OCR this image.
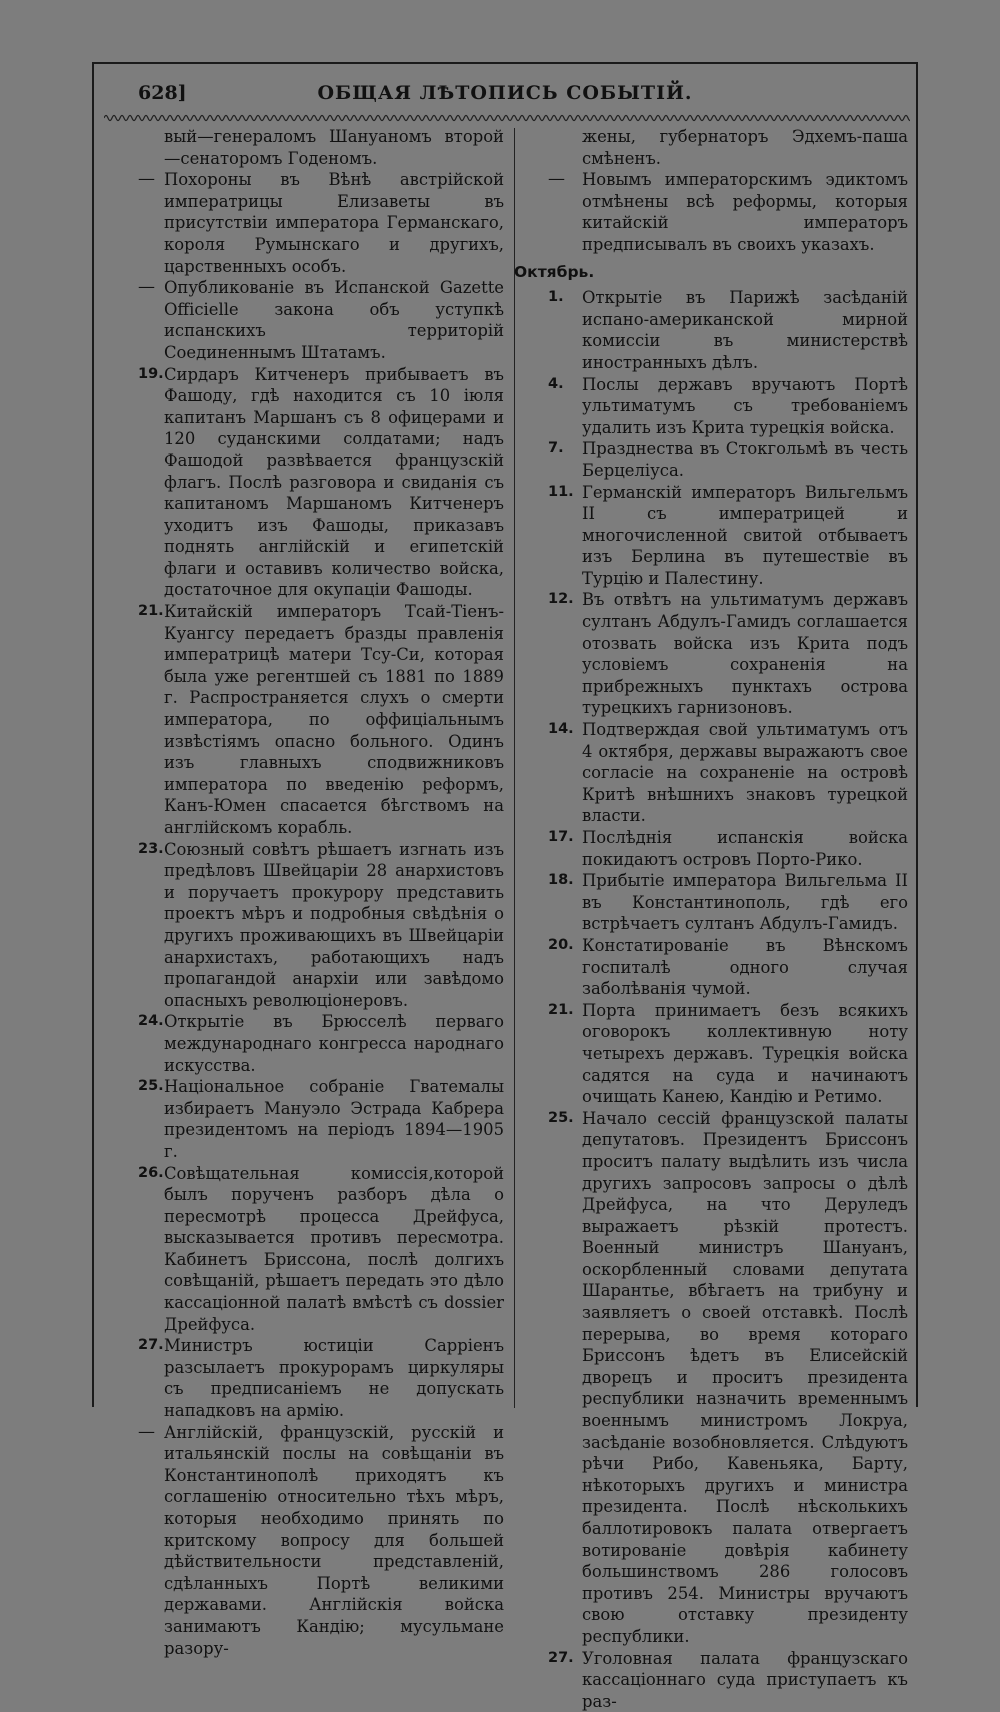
628]	ОБЩАЯ ЛѢТОПИСЬ СОБЫТІЙ.
вый—генераломъ Шануаномъ второй—сенаторомъ Годеномъ.
— Похороны въ Вѣнѣ австрійской императрицы Елизаветы въ присутствіи императора Германскаго, короля Румынскаго и другихъ, царственныхъ особъ.
— Опубликованіе въ Испанской Gazette Officielle закона объ уступкѣ испанскихъ территорій Соединеннымъ Штатамъ.
19. Сирдаръ Китченеръ прибываетъ въ Фашоду, гдѣ находится съ 10 іюля капитанъ Маршанъ съ 8 офицерами и 120 суданскими солдатами; надъ Фашодой развѣвается французскій флагъ. Послѣ разговора и свиданія съ капитаномъ Маршаномъ Китченеръ уходитъ изъ Фашоды, приказавъ поднять англійскій и египетскій флаги и оставивъ количество войска, достаточное для окупаціи Фашоды.
21. Китайскій императоръ Тсай-Тіенъ-Куангсу передаетъ бразды правленія императрицѣ матери Тсу-Си, которая была уже регентшей съ 1881 по 1889 г. Распространяется слухъ о смерти императора, по оффиціальнымъ извѣстіямъ опасно больного. Одинъ изъ главныхъ сподвижниковъ императора по введенію реформъ, Канъ-Юмен спасается бѣгствомъ на англійскомъ корабль.
23. Союзный совѣтъ рѣшаетъ изгнать изъ предѣловъ Швейцаріи 28 анархистовъ и поручаетъ прокурору представить проектъ мѣръ и подробныя свѣдѣнія о другихъ проживающихъ въ Швейцаріи анархистахъ, работающихъ надъ пропагандой анархіи или завѣдомо опасныхъ революціонеровъ.
24. Открытіе въ Брюсселѣ перваго международнаго конгресса народнаго искусства.
25. Національное собраніе Гватемалы избираетъ Мануэло Эстрада Кабрера президентомъ на періодъ 1894—1905 г.
26. Совѣщательная комиссія,которой былъ порученъ разборъ дѣла о пересмотрѣ процесса Дрейфуса, высказывается противъ пересмотра. Кабинетъ Бриссона, послѣ долгихъ совѣщаній, рѣшаетъ передать это дѣло кассаціонной палатѣ вмѣстѣ съ dossier Дрейфуса.
27. Министръ юстиціи Сарріенъ разсылаетъ прокурорамъ циркуляры съ предписаніемъ не допускать нападковъ на армію.
— Англійскій, французскій, русскій и итальянскій послы на совѣщаніи въ Константинополѣ приходятъ къ соглашенію относительно тѣхъ мѣръ, которыя необходимо принять по критскому вопросу для большей дѣйствительности представленій, сдѣланныхъ Портѣ великими державами. Англійскія войска занимаютъ Кандію; мусульмане разору-
жены, губернаторъ Эдхемъ-паша смѣненъ.
— Новымъ императорскимъ эдиктомъ отмѣнены всѣ реформы, которыя китайскій императоръ предписывалъ въ своихъ указахъ.
Октябрь.
1. Открытіе въ Парижѣ засѣданій испано-американской мирной комиссіи въ министерствѣ иностранныхъ дѣлъ.
4. Послы державъ вручаютъ Портѣ ультиматумъ съ требованіемъ удалить изъ Крита турецкія войска.
7. Празднества въ Стокгольмѣ въ честь Берцеліуса.
11. Германскій императоръ Вильгельмъ II съ императрицей и многочисленной свитой отбываетъ изъ Берлина въ путешествіе въ Турцію и Палестину.
12. Въ отвѣтъ на ультиматумъ державъ султанъ Абдулъ-Гамидъ соглашается отозвать войска изъ Крита подъ условіемъ сохраненія на прибрежныхъ пунктахъ острова турецкихъ гарнизоновъ.
14. Подтверждая свой ультиматумъ отъ 4 октября, державы выражаютъ свое согласіе на сохраненіе на островѣ Критѣ внѣшнихъ знаковъ турецкой власти.
17. Послѣднія испанскія войска покидаютъ островъ Порто-Рико.
18. Прибытіе императора Вильгельма II въ Константинополь, гдѣ его встрѣчаетъ султанъ Абдулъ-Гамидъ.
20. Констатированіе въ Вѣнскомъ госпиталѣ одного случая заболѣванія чумой.
21. Порта принимаетъ безъ всякихъ оговорокъ коллективную ноту четырехъ державъ. Турецкія войска садятся на суда и начинаютъ очищать Канею, Кандію и Ретимо.
25. Начало сессій французской палаты депутатовъ. Президентъ Бриссонъ проситъ палату выдѣлить изъ числа другихъ запросовъ запросы о дѣлѣ Дрейфуса, на что Деруледъ выражаетъ рѣзкій протестъ. Военный министръ Шануанъ, оскорбленный словами депутата Шарантье, вбѣгаетъ на трибуну и заявляетъ о своей отставкѣ. Послѣ перерыва, во время котораго Бриссонъ ѣдетъ въ Елисейскій дворецъ и проситъ президента республики назначить временнымъ военнымъ министромъ Локруа, засѣданіе возобновляется. Слѣдуютъ рѣчи Рибо, Кавеньяка, Барту, нѣкоторыхъ другихъ и министра президента. Послѣ нѣсколькихъ баллотировокъ палата отвергаетъ вотированіе довѣрія кабинету большинствомъ 286 голосовъ противъ 254. Министры вручаютъ свою отставку президенту республики.
27. Уголовная палата французскаго кассаціоннаго суда приступаетъ къ раз-
